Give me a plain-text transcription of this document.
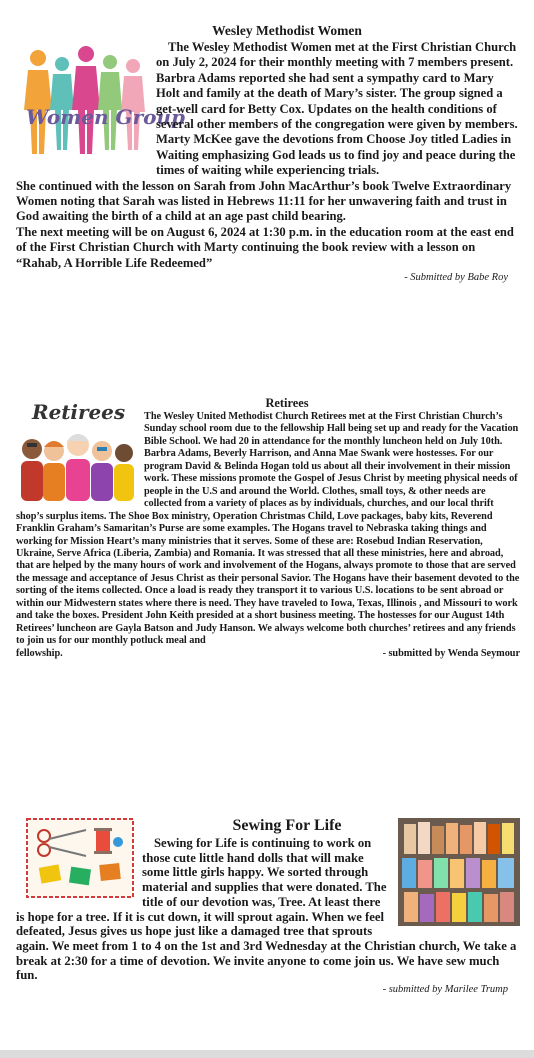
Wesley Methodist Women
Women Group

The Wesley Methodist Women met at the First Christian Church on July 2, 2024 for their monthly meeting with 7 members present.

Barbra Adams reported she had sent a sympathy card to Mary Holt and family at the death of Mary’s sister. The group signed a get-well card for Betty Cox. Updates on the health conditions of several other members of the congregation were given by members.

Marty McKee gave the devotions from Choose Joy titled Ladies in Waiting emphasizing God leads us to find joy and peace during the times of waiting while experiencing trials.

She continued with the lesson on Sarah from John MacArthur’s book Twelve Extraordinary Women noting that Sarah was listed in Hebrews 11:11 for her unwavering faith and trust in God awaiting the birth of a child at an age past child bearing.

The next meeting will be on August 6, 2024 at 1:30 p.m. in the education room at the east end of the First Christian Church with Marty continuing the book review with a lesson on “Rahab, A Horrible Life Redeemed”

- Submitted by Babe Roy
Retirees
Retirees The Wesley United Methodist Church Retirees met at the First Christian Church’s Sunday school room due to the fellowship Hall being set up and ready for the Vacation Bible School. We had 20 in attendance for the monthly luncheon held on July 10th. Barbra Adams, Beverly Harrison, and Anna Mae Swank were hostesses. For our program David & Belinda Hogan told us about all their involvement in their mission work. These missions promote the Gospel of Jesus Christ by meeting physical needs of people in the U.S and around the World. Clothes, small toys, & other needs are collected from a variety of places as by individuals, churches, and our local thrift shop’s surplus items. The Shoe Box ministry, Operation Christmas Child, Love packages, baby kits, Reverend Franklin Graham’s Samaritan’s Purse are some examples. The Hogans travel to Nebraska taking things and working for Mission Heart’s many ministries that it serves. Some of these are: Rosebud Indian Reservation, Ukraine, Serve Africa (Liberia, Zambia) and Romania. It was stressed that all these ministries, here and abroad, that are helped by the many hours of work and involvement of the Hogans, always promote to those that are served the message and acceptance of Jesus Christ as their personal Savior. The Hogans have their basement devoted to the sorting of the items collected. Once a load is ready they transport it to various U.S. locations to be sent abroad or within our Midwestern states where there is need. They have traveled to Iowa, Texas, Illinois , and Missouri to work and take the boxes. President John Keith presided at a short business meeting. The hostesses for our August 14th Retirees’ luncheon are Gayla Batson and Judy Hanson. We always welcome both churches’ retirees and any friends to join us for our monthly potluck meal and
fellowship.	- submitted by Wenda Seymour
Sewing For Life

Sewing for Life is continuing to work on those cute little hand dolls that will make some little girls happy. We sorted through material and supplies that were donated. The title of our devotion was, Tree. At least there is hope for a tree. If it is cut down, it will sprout again. When we feel defeated, Jesus gives us hope just like a damaged tree that sprouts again. We meet from 1 to 4 on the 1st and 3rd Wednesday at the Christian church, We take a break at 2:30 for a time of devotion. We invite anyone to come join us. We have sew much fun.

- submitted by Marilee Trump
